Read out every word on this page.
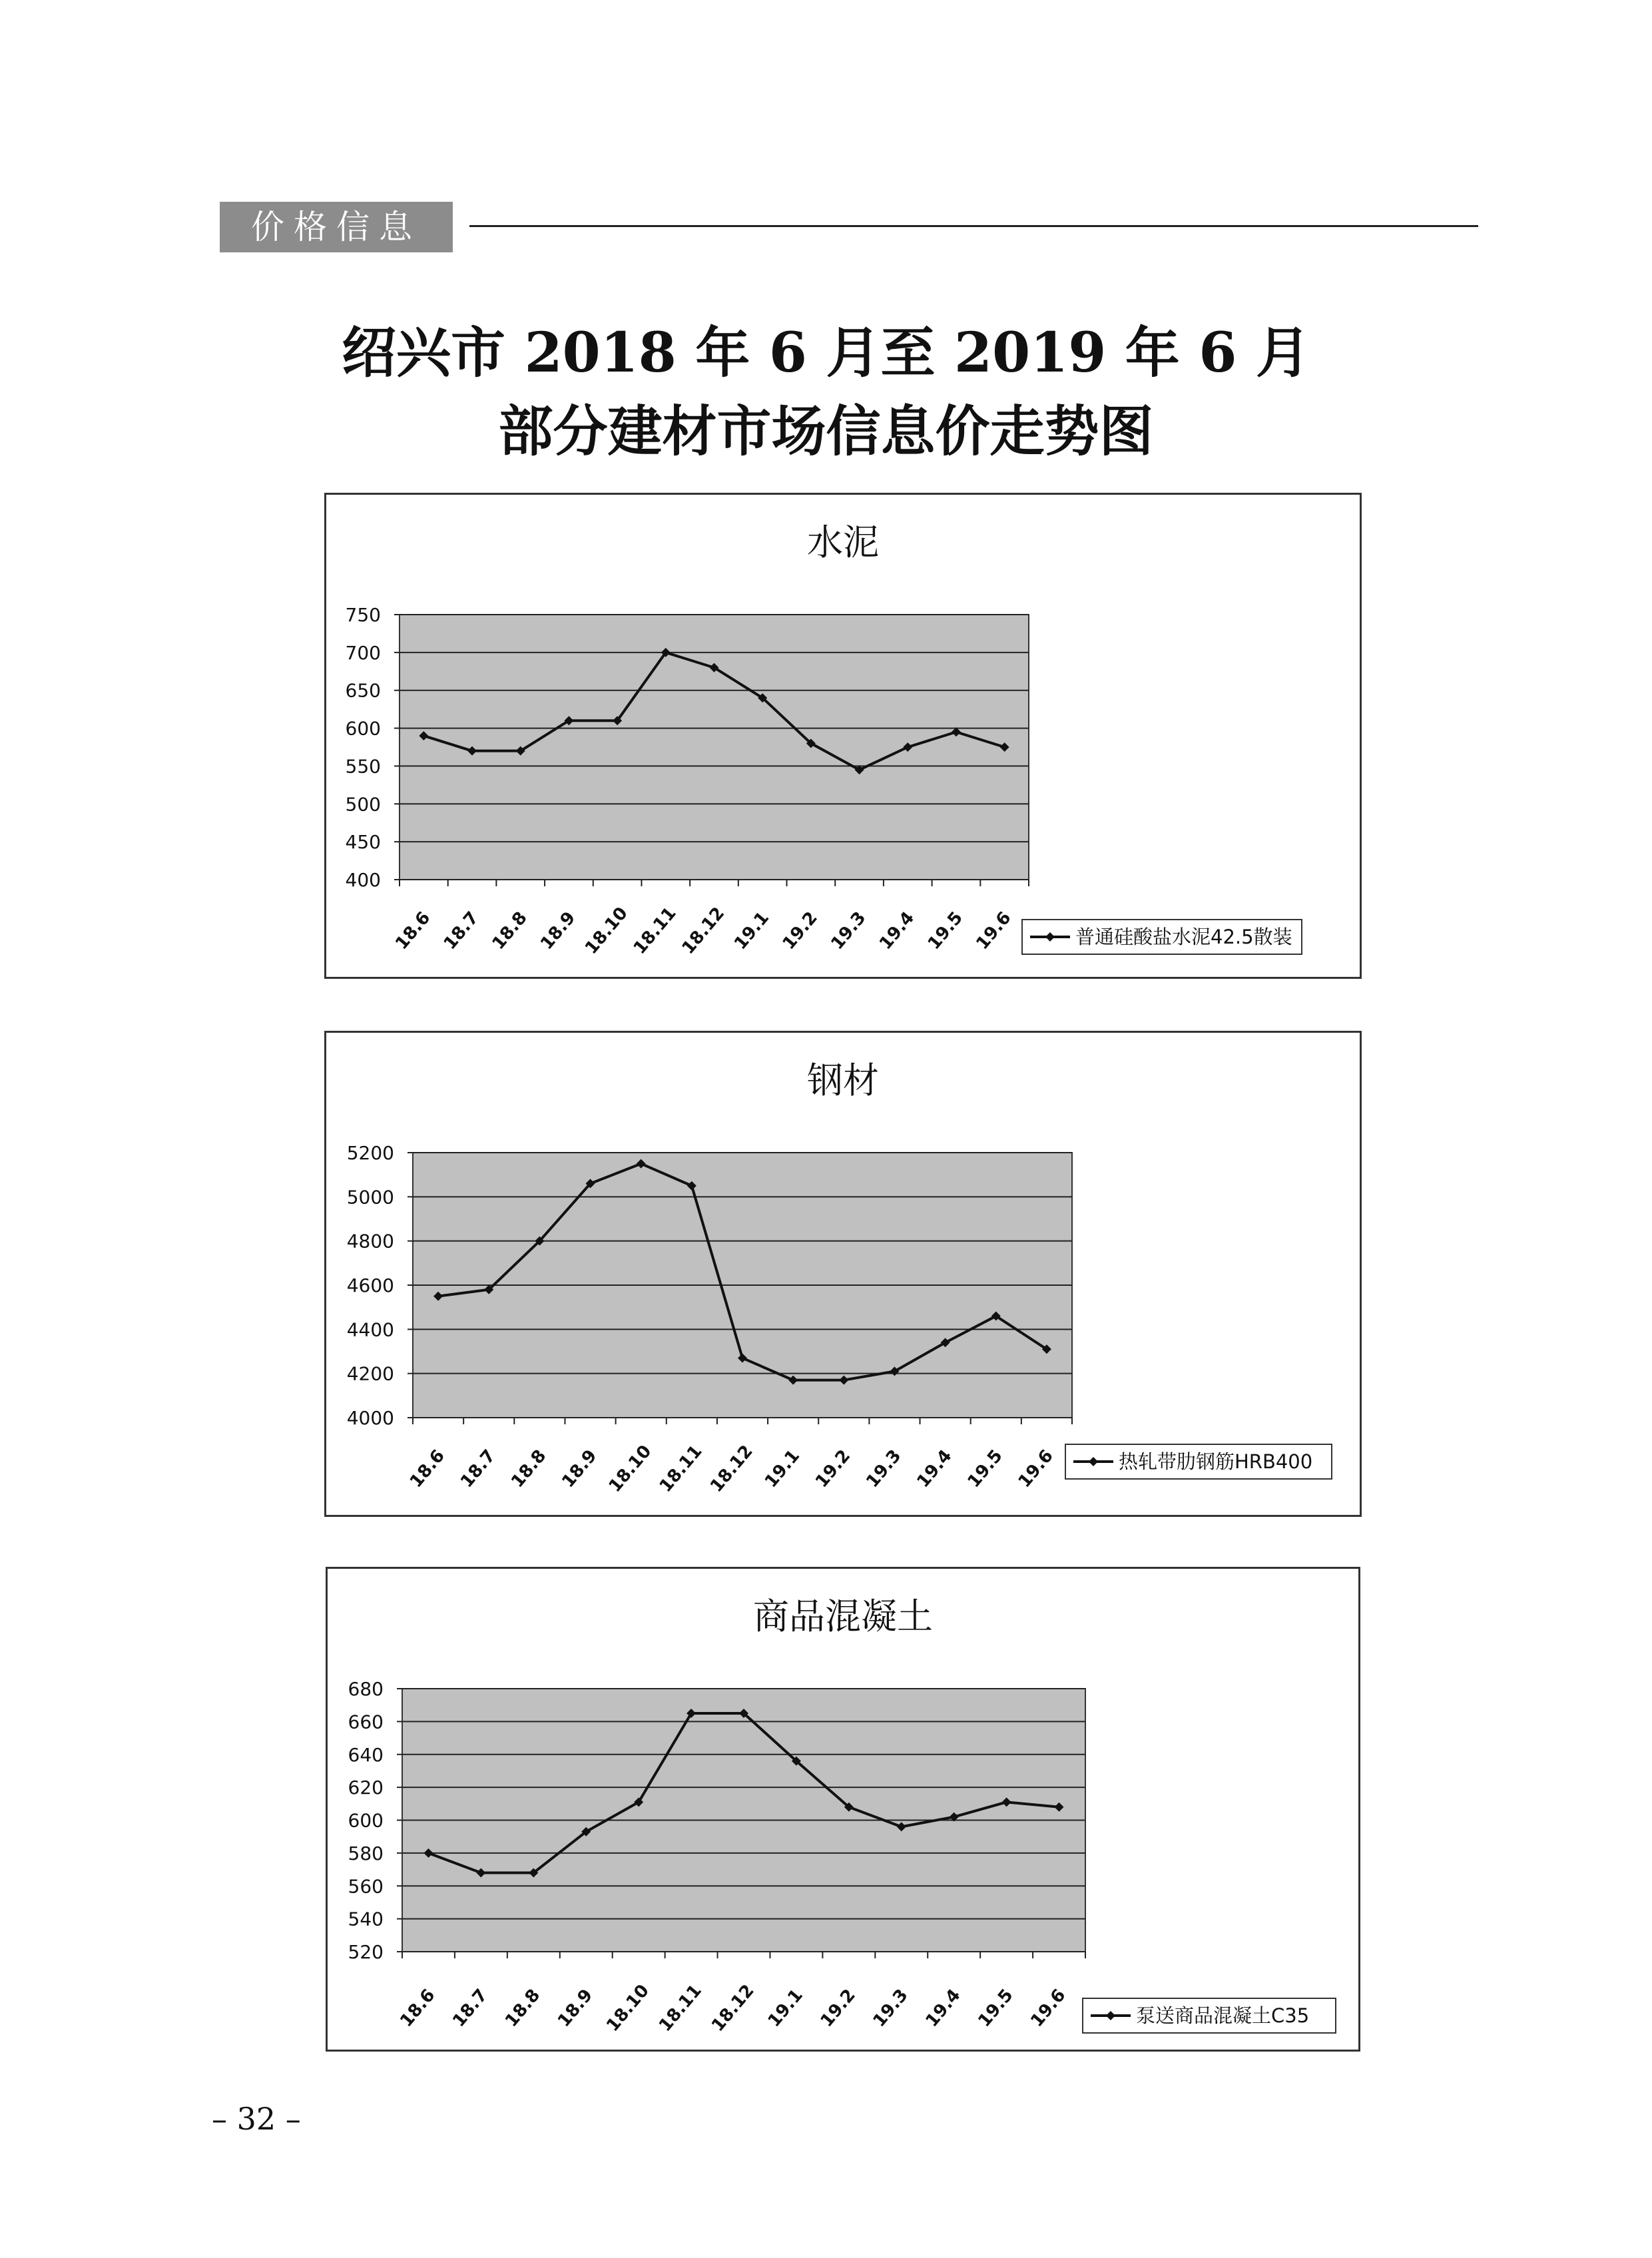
价格信息
绍兴市 2018 年 6 月至 2019 年 6 月
部分建材市场信息价走势图
水泥
400
450
500
550
600
650
700
750
18.6 18.7 18.8 18.9 18.10
18.11
18.12 19.1 19.2 19.3 19.4 19.5 19.6	普通硅酸盐水泥42.5散装
钢材
4000
4200
4400
4600
4800
5000
5200
18.6 18.7 18.8 18.9 18.10 18.11 18.12 19.1 19.2 19.3 19.4 19.5 19.6	热轧带肋钢筋HRB400
商品混凝土
520
540
560
580
600
620
640
660
680
18.6 18.7 18.8 18.9 18.10 18.11 18.12 19.1 19.2 19.3 19.4 19.5 19.6	泵送商品混凝土C35
– 32 –
